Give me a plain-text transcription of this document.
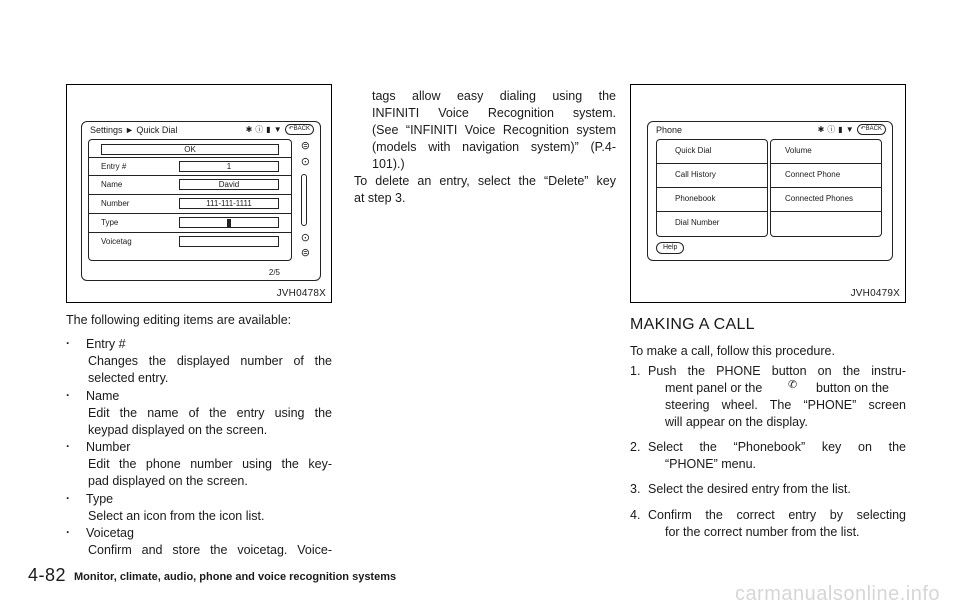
Settings ► Quick Dial	✱ ⓘ ▮ ▼	↶BACK
OK
Entry #	1
Name	David
Number	111-111-1111
Type
Voicetag
2/5
⊜
⊙
⊙
⊜
JVH0478X
Phone	✱ ⓘ ▮ ▼	↶BACK
Quick Dial
Call History
Phonebook
Dial Number
Volume
Connect Phone
Connected Phones
Help
JVH0479X

The following editing items are available:

. Entry #

Changes the displayed number of the

selected entry.

. Name

Edit the name of the entry using the

keypad displayed on the screen.

. Number

Edit the phone number using the key-

pad displayed on the screen.

. Type

Select an icon from the icon list.

. Voicetag

Confirm and store the voicetag. Voice-

tags allow easy dialing using the

INFINITI Voice Recognition system.

(See “INFINITI Voice Recognition system

(models with navigation system)” (P.4-

101).)

To delete an entry, select the “Delete” key

at step 3.

MAKING A CALL

To make a call, follow this procedure.

1. Push the PHONE button on the instru-

ment panel or the ✆ button on the

steering wheel. The “PHONE” screen

will appear on the display.

2. Select the “Phonebook” key on the

“PHONE” menu.

3. Select the desired entry from the list.

4. Confirm the correct entry by selecting

for the correct number from the list.

4-82 Monitor, climate, audio, phone and voice recognition systems
carmanualsonline.info
